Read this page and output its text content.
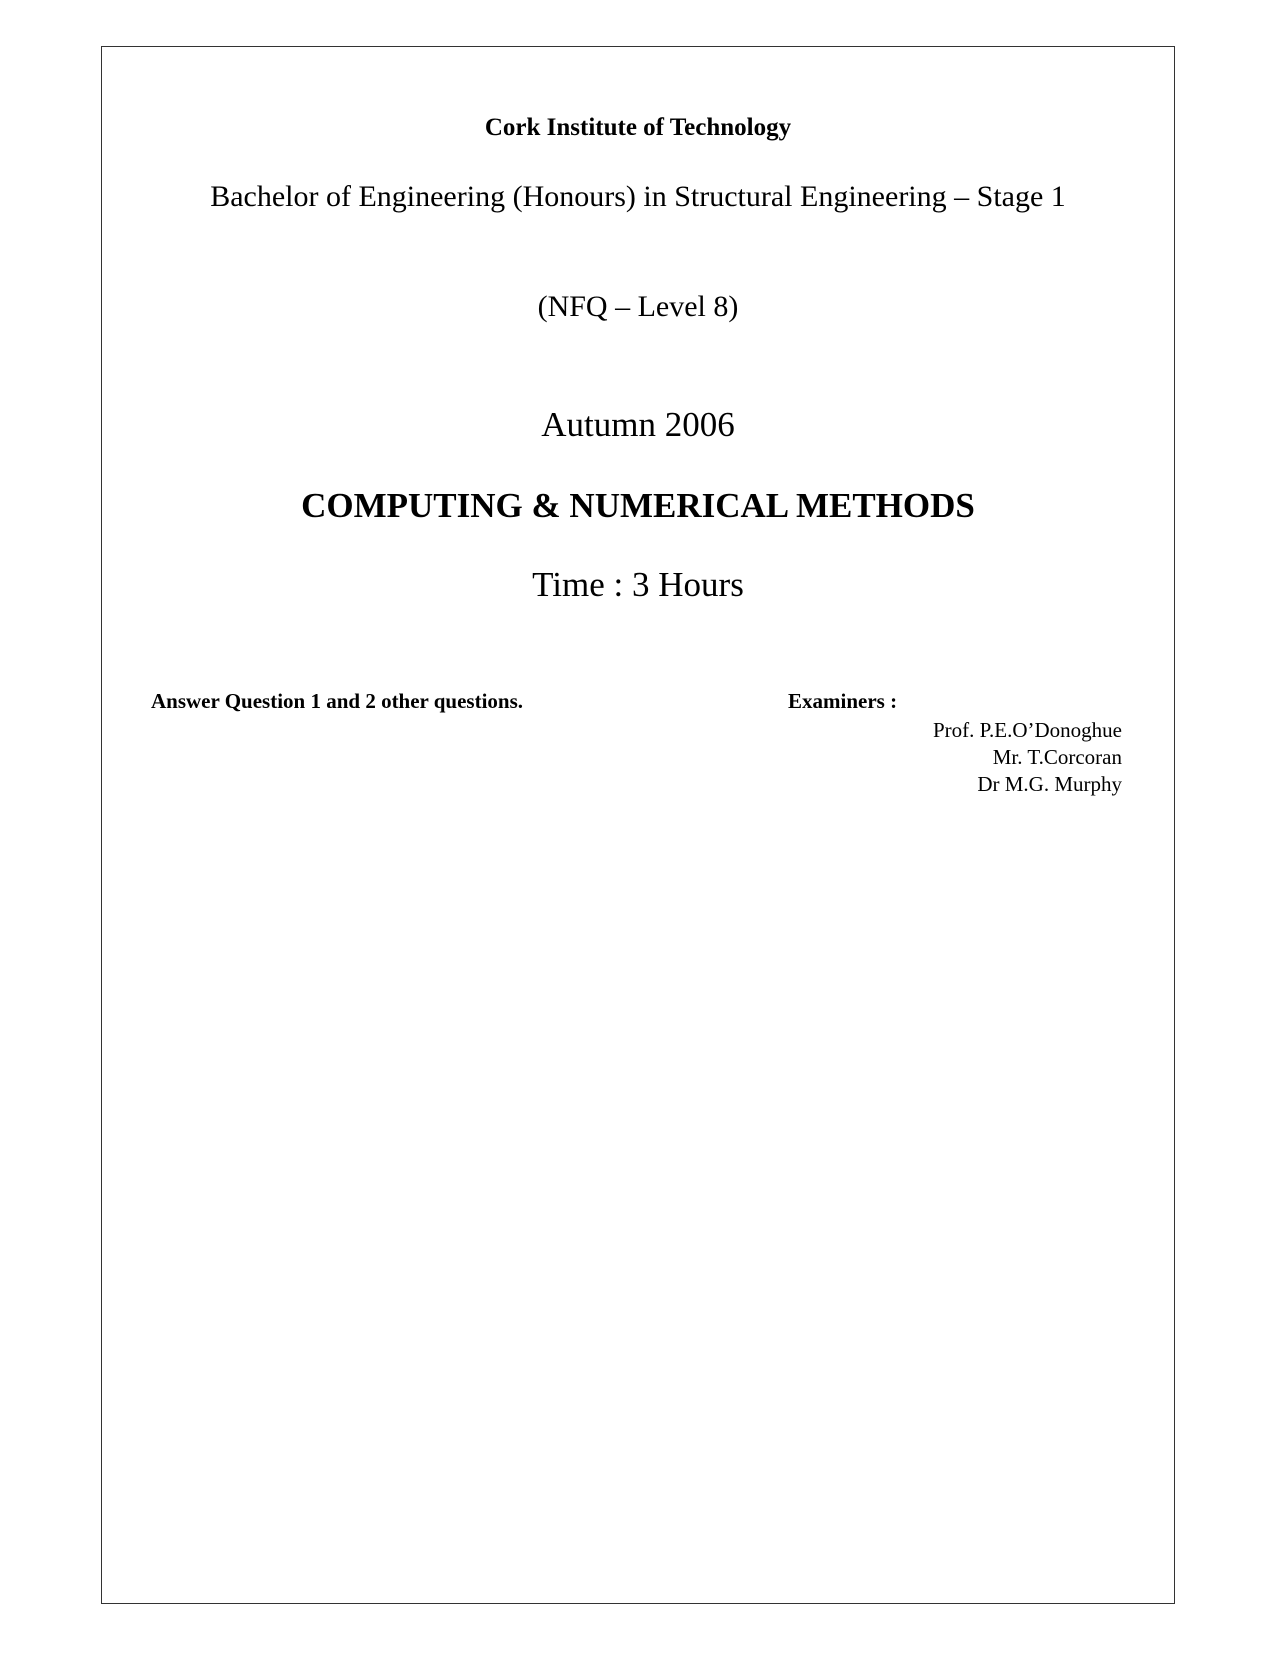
Cork Institute of Technology
Bachelor of Engineering (Honours) in Structural Engineering – Stage 1
(NFQ – Level 8)
Autumn 2006
COMPUTING & NUMERICAL METHODS
Time : 3 Hours
Answer Question 1 and 2 other questions.	Examiners :
Prof. P.E.O’Donoghue
Mr. T.Corcoran
Dr M.G. Murphy
